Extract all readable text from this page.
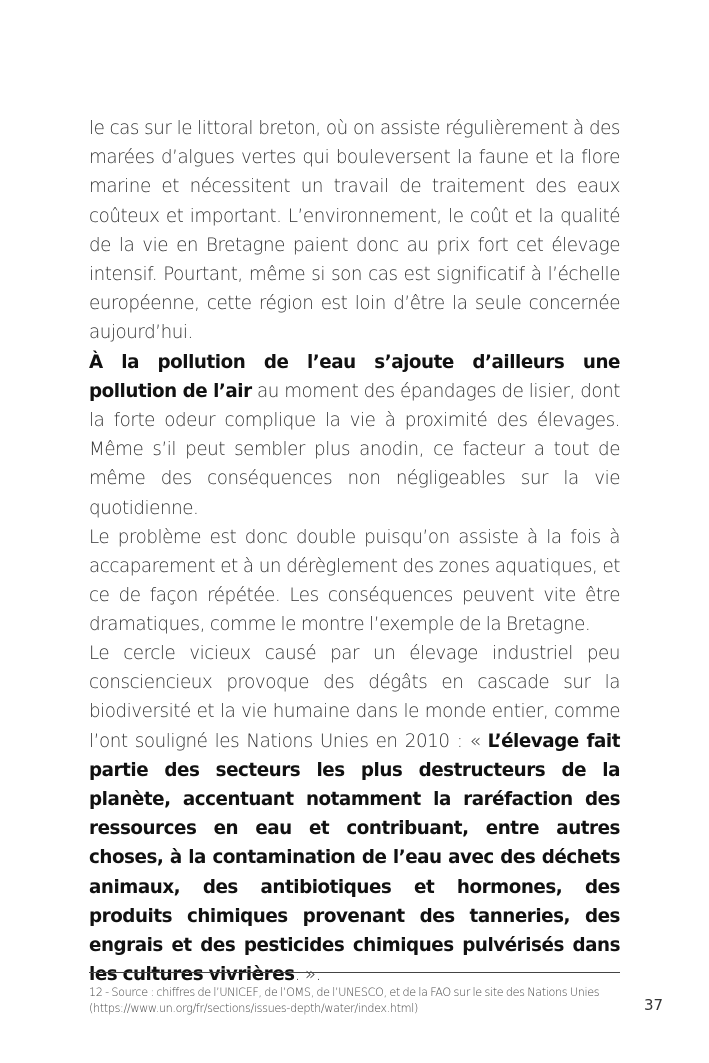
le cas sur le littoral breton, où on assiste régulièrement à des marées d’algues vertes qui bouleversent la faune et la flore marine et nécessitent un travail de traitement des eaux coûteux et important. L’environnement, le coût et la qualité de la vie en Bretagne paient donc au prix fort cet élevage intensif. Pourtant, même si son cas est significatif à l’échelle européenne, cette région est loin d’être la seule concernée aujourd’hui.

À la pollution de l’eau s’ajoute d’ailleurs une pollution de l’air au moment des épandages de lisier, dont la forte odeur complique la vie à proximité des élevages. Même s’il peut sembler plus anodin, ce facteur a tout de même des conséquences non négligeables sur la vie quotidienne.

Le problème est donc double puisqu’on assiste à la fois à accaparement et à un dérèglement des zones aquatiques, et ce de façon répétée. Les conséquences peuvent vite être dramatiques, comme le montre l’exemple de la Bretagne.

Le cercle vicieux causé par un élevage industriel peu consciencieux provoque des dégâts en cascade sur la biodiversité et la vie humaine dans le monde entier, comme l’ont souligné les Nations Unies en 2010 : « L’élevage fait partie des secteurs les plus destructeurs de la planète, accentuant notamment la raréfaction des ressources en eau et contribuant, entre autres choses, à la contamination de l’eau avec des déchets animaux, des antibiotiques et hormones, des produits chimiques provenant des tanneries, des engrais et des pesticides chimiques pulvérisés dans les cultures vivrières. ».

12 - Source : chiffres de l’UNICEF, de l’OMS, de l’UNESCO, et de la FAO sur le site des Nations Unies (https://www.un.org/fr/sections/issues-depth/water/index.html)	37
